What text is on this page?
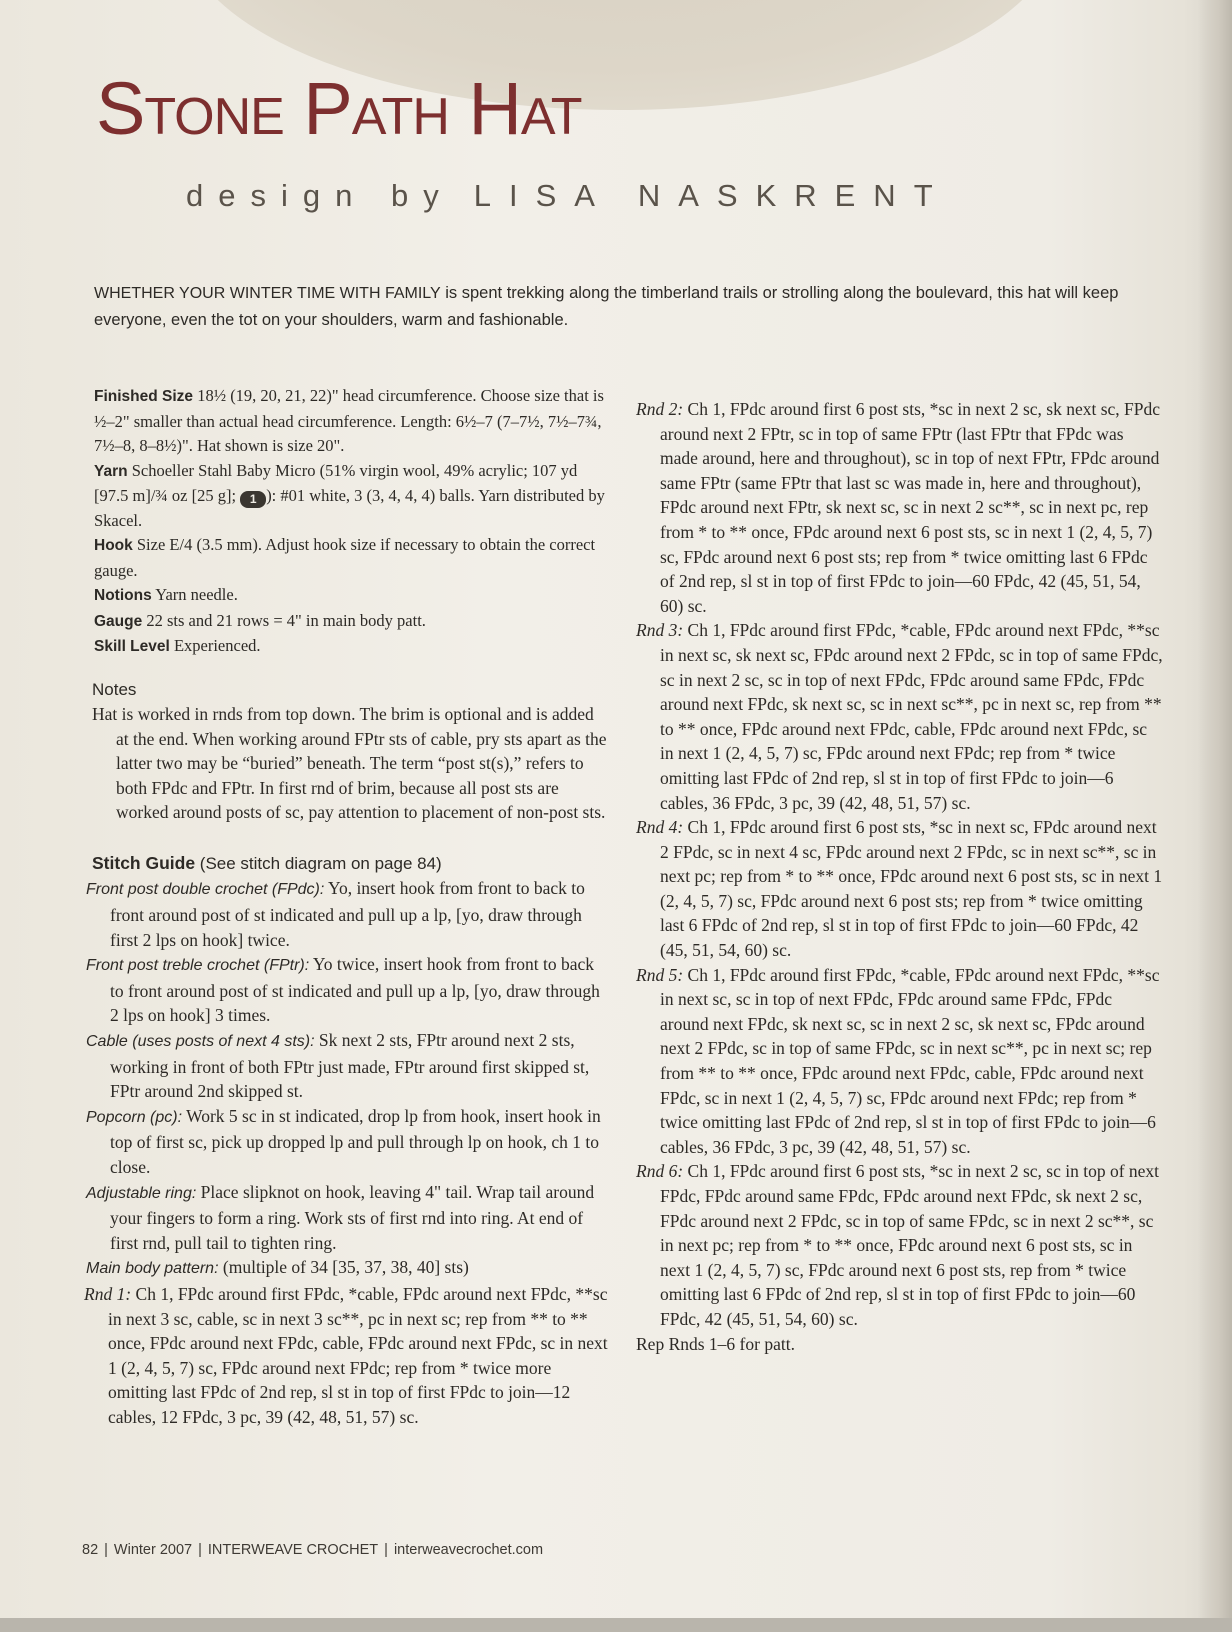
Stone Path Hat
design by LISA NASKRENT

WHETHER YOUR WINTER TIME WITH FAMILY is spent trekking along the timberland trails or strolling along the boulevard, this hat will keep everyone, even the tot on your shoulders, warm and fashionable.

Finished Size 18½ (19, 20, 21, 22)" head circumference. Choose size that is ½–2" smaller than actual head circumference. Length: 6½–7 (7–7½, 7½–7¾, 7½–8, 8–8½)". Hat shown is size 20".

Yarn Schoeller Stahl Baby Micro (51% virgin wool, 49% acrylic; 107 yd [97.5 m]/¾ oz [25 g]; 1 ): #01 white, 3 (3, 4, 4, 4) balls. Yarn distributed by Skacel.

Hook Size E/4 (3.5 mm). Adjust hook size if necessary to obtain the correct gauge.

Notions Yarn needle.

Gauge 22 sts and 21 rows = 4" in main body patt.

Skill Level Experienced.

Notes

Hat is worked in rnds from top down. The brim is optional and is added at the end. When working around FPtr sts of cable, pry sts apart as the latter two may be “buried” beneath. The term “post st(s),” refers to both FPdc and FPtr. In first rnd of brim, because all post sts are worked around posts of sc, pay attention to placement of non-post sts.

Stitch Guide (See stitch diagram on page 84)

Front post double crochet (FPdc): Yo, insert hook from front to back to front around post of st indicated and pull up a lp, [yo, draw through first 2 lps on hook] twice.

Front post treble crochet (FPtr): Yo twice, insert hook from front to back to front around post of st indicated and pull up a lp, [yo, draw through 2 lps on hook] 3 times.

Cable (uses posts of next 4 sts): Sk next 2 sts, FPtr around next 2 sts, working in front of both FPtr just made, FPtr around first skipped st, FPtr around 2nd skipped st.

Popcorn (pc): Work 5 sc in st indicated, drop lp from hook, insert hook in top of first sc, pick up dropped lp and pull through lp on hook, ch 1 to close.

Adjustable ring: Place slipknot on hook, leaving 4" tail. Wrap tail around your fingers to form a ring. Work sts of first rnd into ring. At end of first rnd, pull tail to tighten ring.

Main body pattern: (multiple of 34 [35, 37, 38, 40] sts)

Rnd 1: Ch 1, FPdc around first FPdc, *cable, FPdc around next FPdc, **sc in next 3 sc, cable, sc in next 3 sc**, pc in next sc; rep from ** to ** once, FPdc around next FPdc, cable, FPdc around next FPdc, sc in next 1 (2, 4, 5, 7) sc, FPdc around next FPdc; rep from * twice more omitting last FPdc of 2nd rep, sl st in top of first FPdc to join—12 cables, 12 FPdc, 3 pc, 39 (42, 48, 51, 57) sc.

Rnd 2: Ch 1, FPdc around first 6 post sts, *sc in next 2 sc, sk next sc, FPdc around next 2 FPtr, sc in top of same FPtr (last FPtr that FPdc was made around, here and throughout), sc in top of next FPtr, FPdc around same FPtr (same FPtr that last sc was made in, here and throughout), FPdc around next FPtr, sk next sc, sc in next 2 sc**, sc in next pc, rep from * to ** once, FPdc around next 6 post sts, sc in next 1 (2, 4, 5, 7) sc, FPdc around next 6 post sts; rep from * twice omitting last 6 FPdc of 2nd rep, sl st in top of first FPdc to join—60 FPdc, 42 (45, 51, 54, 60) sc.

Rnd 3: Ch 1, FPdc around first FPdc, *cable, FPdc around next FPdc, **sc in next sc, sk next sc, FPdc around next 2 FPdc, sc in top of same FPdc, sc in next 2 sc, sc in top of next FPdc, FPdc around same FPdc, FPdc around next FPdc, sk next sc, sc in next sc**, pc in next sc, rep from ** to ** once, FPdc around next FPdc, cable, FPdc around next FPdc, sc in next 1 (2, 4, 5, 7) sc, FPdc around next FPdc; rep from * twice omitting last FPdc of 2nd rep, sl st in top of first FPdc to join—6 cables, 36 FPdc, 3 pc, 39 (42, 48, 51, 57) sc.

Rnd 4: Ch 1, FPdc around first 6 post sts, *sc in next sc, FPdc around next 2 FPdc, sc in next 4 sc, FPdc around next 2 FPdc, sc in next sc**, sc in next pc; rep from * to ** once, FPdc around next 6 post sts, sc in next 1 (2, 4, 5, 7) sc, FPdc around next 6 post sts; rep from * twice omitting last 6 FPdc of 2nd rep, sl st in top of first FPdc to join—60 FPdc, 42 (45, 51, 54, 60) sc.

Rnd 5: Ch 1, FPdc around first FPdc, *cable, FPdc around next FPdc, **sc in next sc, sc in top of next FPdc, FPdc around same FPdc, FPdc around next FPdc, sk next sc, sc in next 2 sc, sk next sc, FPdc around next 2 FPdc, sc in top of same FPdc, sc in next sc**, pc in next sc; rep from ** to ** once, FPdc around next FPdc, cable, FPdc around next FPdc, sc in next 1 (2, 4, 5, 7) sc, FPdc around next FPdc; rep from * twice omitting last FPdc of 2nd rep, sl st in top of first FPdc to join—6 cables, 36 FPdc, 3 pc, 39 (42, 48, 51, 57) sc.

Rnd 6: Ch 1, FPdc around first 6 post sts, *sc in next 2 sc, sc in top of next FPdc, FPdc around same FPdc, FPdc around next FPdc, sk next 2 sc, FPdc around next 2 FPdc, sc in top of same FPdc, sc in next 2 sc**, sc in next pc; rep from * to ** once, FPdc around next 6 post sts, sc in next 1 (2, 4, 5, 7) sc, FPdc around next 6 post sts, rep from * twice omitting last 6 FPdc of 2nd rep, sl st in top of first FPdc to join—60 FPdc, 42 (45, 51, 54, 60) sc.

Rep Rnds 1–6 for patt.

82 | Winter 2007 | INTERWEAVE CROCHET | interweavecrochet.com
